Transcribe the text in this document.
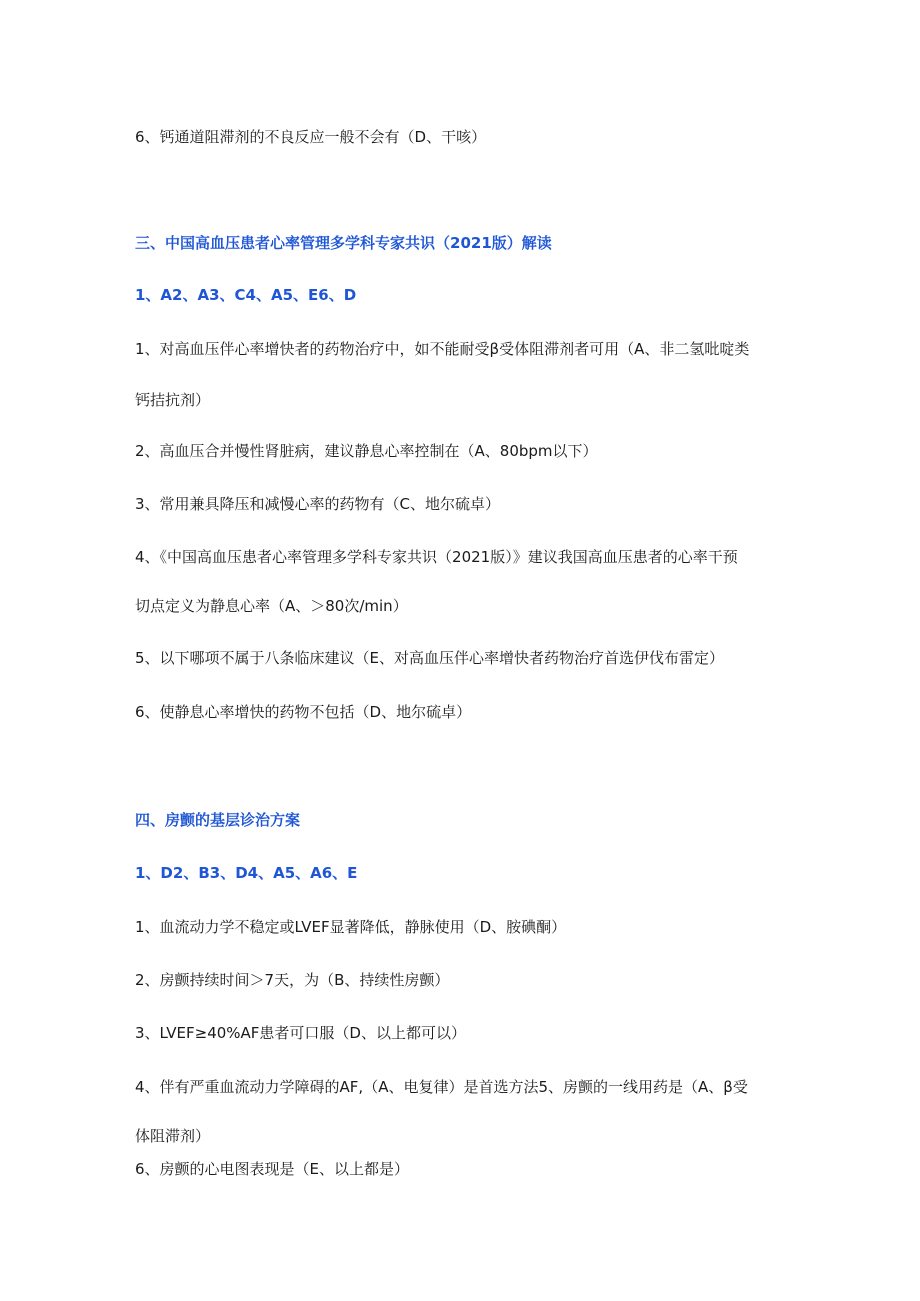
6、钙通道阻滞剂的不良反应一般不会有（D、干咳）
三、中国高血压患者心率管理多学科专家共识（2021版）解读
1、A2、A3、C4、A5、E6、D
1、对高血压伴心率增快者的药物治疗中，如不能耐受β受体阻滞剂者可用（A、非二氢吡啶类
钙拮抗剂）
2、高血压合并慢性肾脏病，建议静息心率控制在（A、80bpm以下）
3、常用兼具降压和减慢心率的药物有（C、地尔硫卓）
4、《中国高血压患者心率管理多学科专家共识（2021版）》建议我国高血压患者的心率干预
切点定义为静息心率（A、＞80次/min）
5、以下哪项不属于八条临床建议（E、对高血压伴心率增快者药物治疗首选伊伐布雷定）
6、使静息心率增快的药物不包括（D、地尔硫卓）
四、房颤的基层诊治方案
1、D2、B3、D4、A5、A6、E
1、血流动力学不稳定或LVEF显著降低，静脉使用（D、胺碘酮）
2、房颤持续时间＞7天，为（B、持续性房颤）
3、LVEF≥40%AF患者可口服（D、以上都可以）
4、伴有严重血流动力学障碍的AF,（A、电复律）是首选方法5、房颤的一线用药是（A、β受
体阻滞剂）
6、房颤的心电图表现是（E、以上都是）
